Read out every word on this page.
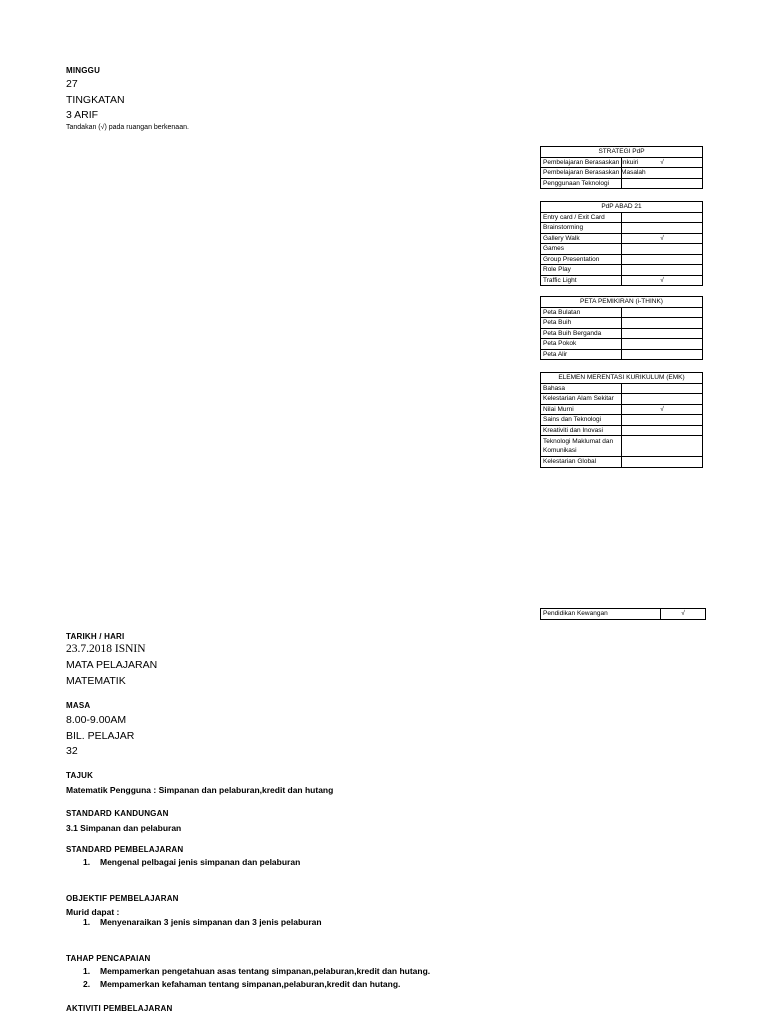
MINGGU
27
TINGKATAN
3 ARIF
Tandakan (√) pada ruangan berkenaan.
STRATEGI PdP	
Pembelajaran Berasaskan Inkuiri	√
Pembelajaran Berasaskan Masalah	
Penggunaan Teknologi	
PdP ABAD 21	
Entry card / Exit Card	
Brainstorming	
Gallery Walk	√
Games	
Group Presentation	
Role Play	
Traffic Light	√
PETA PEMIKIRAN (i-THINK)	
Peta Bulatan	
Peta Buih	
Peta Buih Berganda	
Peta Pokok	
Peta Alir	
ELEMEN MERENTASI KURIKULUM (EMK)	
Bahasa	
Kelestarian Alam Sekitar	
Nilai Murni	√
Sains dan Teknologi	
Kreativiti dan Inovasi	
Teknologi Maklumat dan Komunikasi	
Kelestarian Global	
Pendidikan Kewangan	√
TARIKH / HARI
23.7.2018 ISNIN
MATA PELAJARAN
MATEMATIK
MASA
8.00-9.00AM
BIL. PELAJAR
32
TAJUK
Matematik Pengguna : Simpanan dan pelaburan,kredit dan hutang
STANDARD KANDUNGAN
3.1 Simpanan dan pelaburan
STANDARD PEMBELAJARAN
1. Mengenal pelbagai jenis simpanan dan pelaburan
OBJEKTIF PEMBELAJARAN
Murid dapat :
1. Menyenaraikan 3 jenis simpanan dan 3 jenis pelaburan
TAHAP PENCAPAIAN
1. Mempamerkan pengetahuan asas tentang simpanan,pelaburan,kredit dan hutang.
2. Mempamerkan kefahaman tentang simpanan,pelaburan,kredit dan hutang.
AKTIVITI PEMBELAJARAN
